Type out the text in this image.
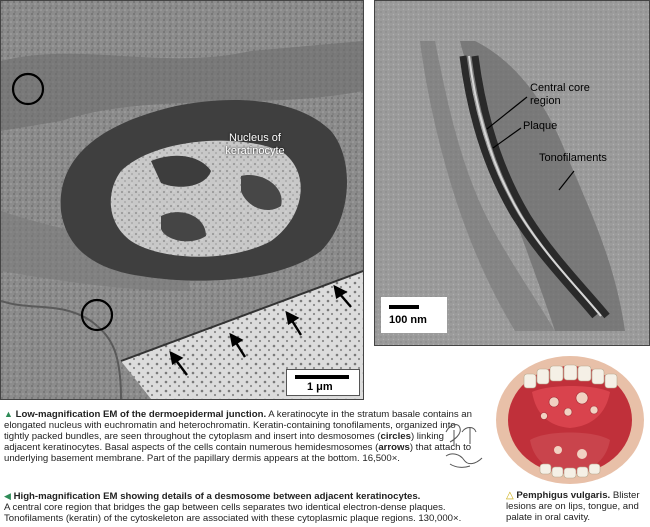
Nucleus of
keratinocyte
1 μm
Central core
region
Plaque
Tonofilaments
100 nm
▲ Low-magnification EM of the dermoepidermal junction. A keratinocyte in the stratum basale contains an elongated nucleus with euchromatin and heterochromatin. Keratin-containing tonofilaments, organized into tightly packed bundles, are seen throughout the cytoplasm and insert into desmosomes (circles) linking adjacent keratinocytes. Basal aspects of the cells contain numerous hemidesmosomes (arrows) that attach to underlying basement membrane. Part of the papillary dermis appears at the bottom. 16,500×.
◀ High-magnification EM showing details of a desmosome between adjacent keratinocytes.
A central core region that bridges the gap between cells separates two identical electron-dense plaques. Tonofilaments (keratin) of the cytoskeleton are associated with these cytoplasmic plaque regions. 130,000×.
△ Pemphigus vulgaris. Blister lesions are on lips, tongue, and palate in oral cavity.
